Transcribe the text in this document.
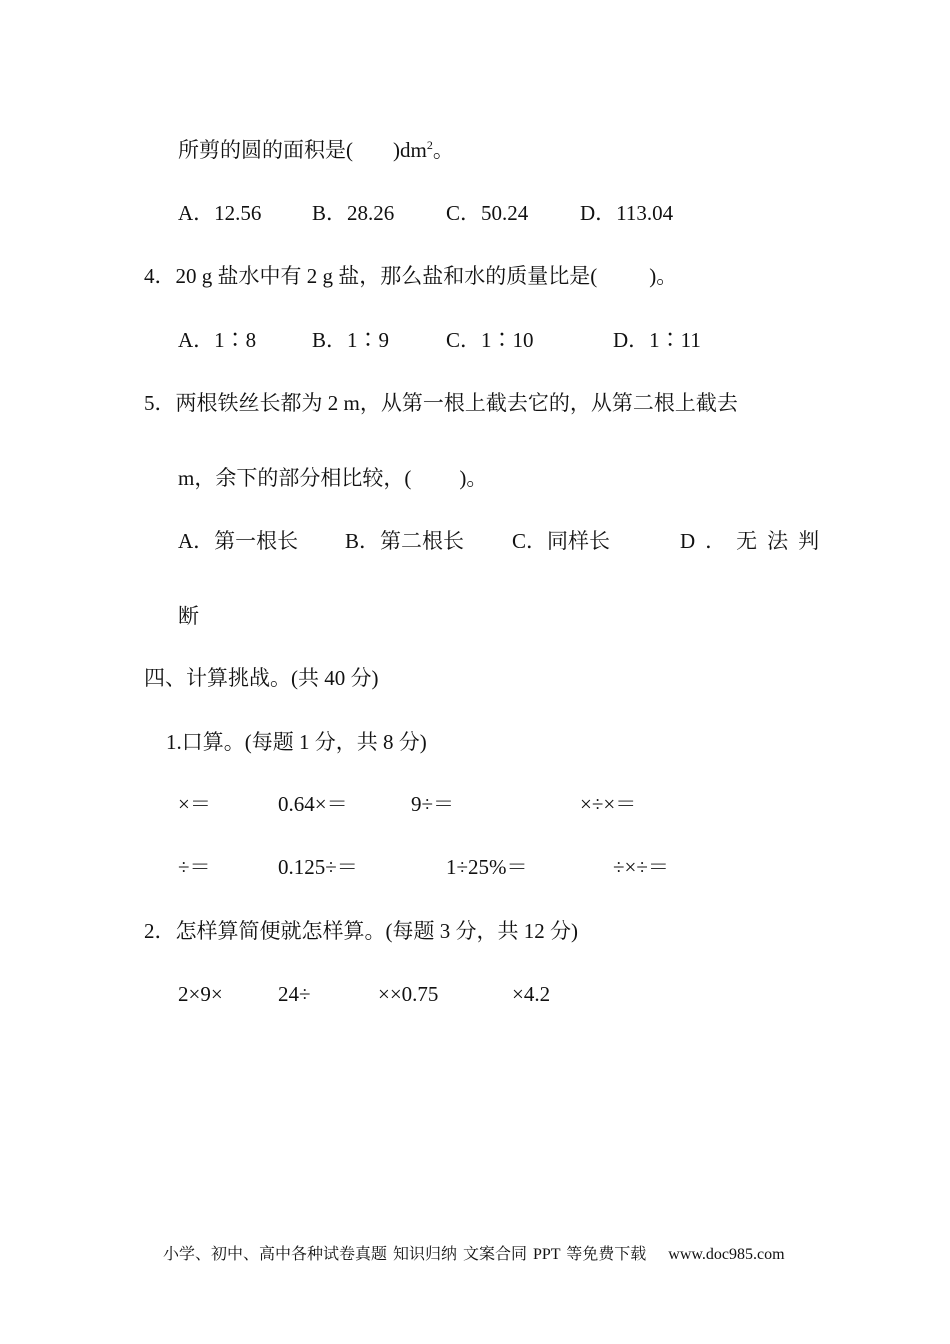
所剪的圆的面积是( )$dm^2$。
A．12.56 B．28.26 C．50.24 D．113.04
4．20 g 盐水中有 2 g 盐，那么盐和水的质量比是( )。
A．1∶8	B．1∶9	C．1∶10	D．1∶11
5．两根铁丝长都为 2 m，从第一根上截去它的，从第二根上截去
m，余下的部分相比较，( )。
A．第一根长 B．第二根长 C．同样长	D．无法判
断
四、计算挑战。(共 40 分)
1.口算。(每题 1 分，共 8 分)
×＝	0.64×＝	9÷＝	×÷×＝
÷＝	0.125÷＝	1÷25%＝	÷×÷＝
2．怎样算简便就怎样算。(每题 3 分，共 12 分)
2×9×	24÷	××0.75	×4.2
小学、初中、高中各种试卷真题 知识归纳 文案合同 PPT 等免费下载 www.doc985.com
